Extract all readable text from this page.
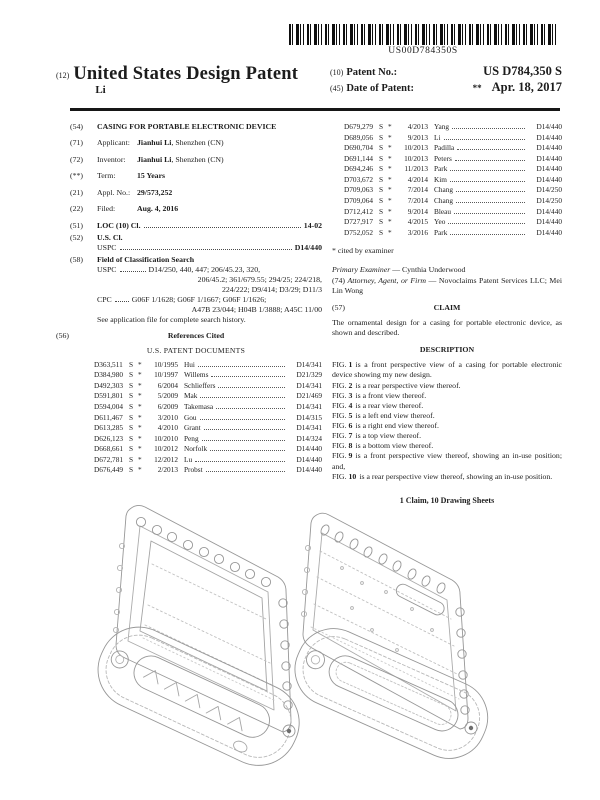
US00D784350S
(12) United States Design Patent
Li
(10) Patent No.:	US D784,350 S
(45) Date of Patent:	** Apr. 18, 2017
(54)	CASING FOR PORTABLE ELECTRONIC DEVICE
(71)	Applicant: Jianhui Li, Shenzhen (CN)
(72)	Inventor: Jianhui Li, Shenzhen (CN)
(**)	Term:	15 Years
(21)	Appl. No.: 29/573,252
(22)	Filed:	Aug. 4, 2016
(51)	LOC (10) Cl.	14-02
(52)	U.S. Cl.
USPC	D14/440
(58)	Field of Classification Search
USPC	D14/250, 440, 447; 206/45.23, 320,
206/45.2; 361/679.55; 294/25; 224/218,
224/222; D9/414; D3/29; D11/3
CPC	G06F 1/1628; G06F 1/1667; G06F 1/1626;
A47B 23/044; H04B 1/3888; A45C 11/00
See application file for complete search history.
(56)	References Cited
U.S. PATENT DOCUMENTS
D363,511 S *	10/1995 Hui	D14/341
D384,980 S *	10/1997 Willems	D21/329
D492,303 S *	6/2004 Schlieffers	D14/341
D591,801 S *	5/2009 Mak	D21/469
D594,004 S *	6/2009 Takemasa	D14/341
D611,467 S *	3/2010 Gou	D14/315
D613,285 S *	4/2010 Grant	D14/341
D626,123 S *	10/2010 Peng	D14/324
D668,661 S *	10/2012 Norfolk	D14/440
D672,781 S *	12/2012 Lu	D14/440
D676,449 S *	2/2013 Probst	D14/440
D679,279 S *	4/2013 Yang	D14/440
D689,056 S *	9/2013 Li	D14/440
D690,704 S *	10/2013 Padilla	D14/440
D691,144 S *	10/2013 Peters	D14/440
D694,246 S *	11/2013 Park	D14/440
D703,672 S *	4/2014 Kim	D14/440
D709,063 S *	7/2014 Chang	D14/250
D709,064 S *	7/2014 Chang	D14/250
D712,412 S *	9/2014 Bleau	D14/440
D727,917 S *	4/2015 Yeo	D14/440
D752,052 S *	3/2016 Park	D14/440
* cited by examiner
Primary Examiner — Cynthia Underwood
(74) Attorney, Agent, or Firm — Novoclaims Patent Services LLC; Mei Lin Wong
(57)	CLAIM
The ornamental design for a casing for portable electronic device, as shown and described.
DESCRIPTION
FIG. 1 is a front perspective view of a casing for portable electronic device showing my new design.
FIG. 2 is a rear perspective view thereof.
FIG. 3 is a front view thereof.
FIG. 4 is a rear view thereof.
FIG. 5 is a left end view thereof.
FIG. 6 is a right end view thereof.
FIG. 7 is a top view thereof.
FIG. 8 is a bottom view thereof.
FIG. 9 is a front perspective view thereof, showing an in-use position; and,
FIG. 10 is a rear perspective view thereof, showing an in-use position.
1 Claim, 10 Drawing Sheets
